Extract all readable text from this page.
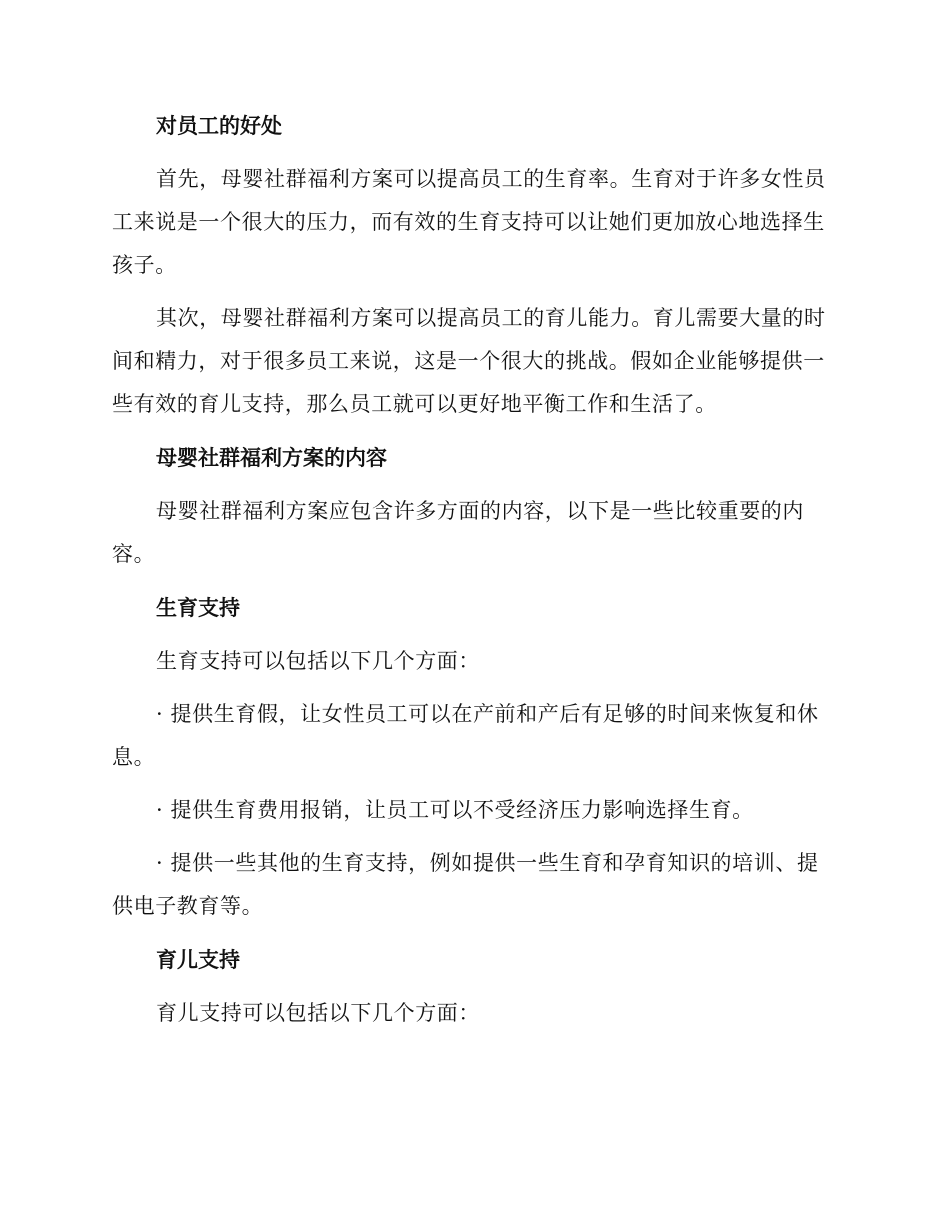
对员工的好处

首先，母婴社群福利方案可以提高员工的生育率。生育对于许多女性员工来说是一个很大的压力，而有效的生育支持可以让她们更加放心地选择生孩子。

其次，母婴社群福利方案可以提高员工的育儿能力。育儿需要大量的时间和精力，对于很多员工来说，这是一个很大的挑战。假如企业能够提供一些有效的育儿支持，那么员工就可以更好地平衡工作和生活了。

母婴社群福利方案的内容

母婴社群福利方案应包含许多方面的内容，以下是一些比较重要的内容。

生育支持

生育支持可以包括以下几个方面：

· 提供生育假，让女性员工可以在产前和产后有足够的时间来恢复和休息。

· 提供生育费用报销，让员工可以不受经济压力影响选择生育。

· 提供一些其他的生育支持，例如提供一些生育和孕育知识的培训、提供电子教育等。

育儿支持

育儿支持可以包括以下几个方面：
